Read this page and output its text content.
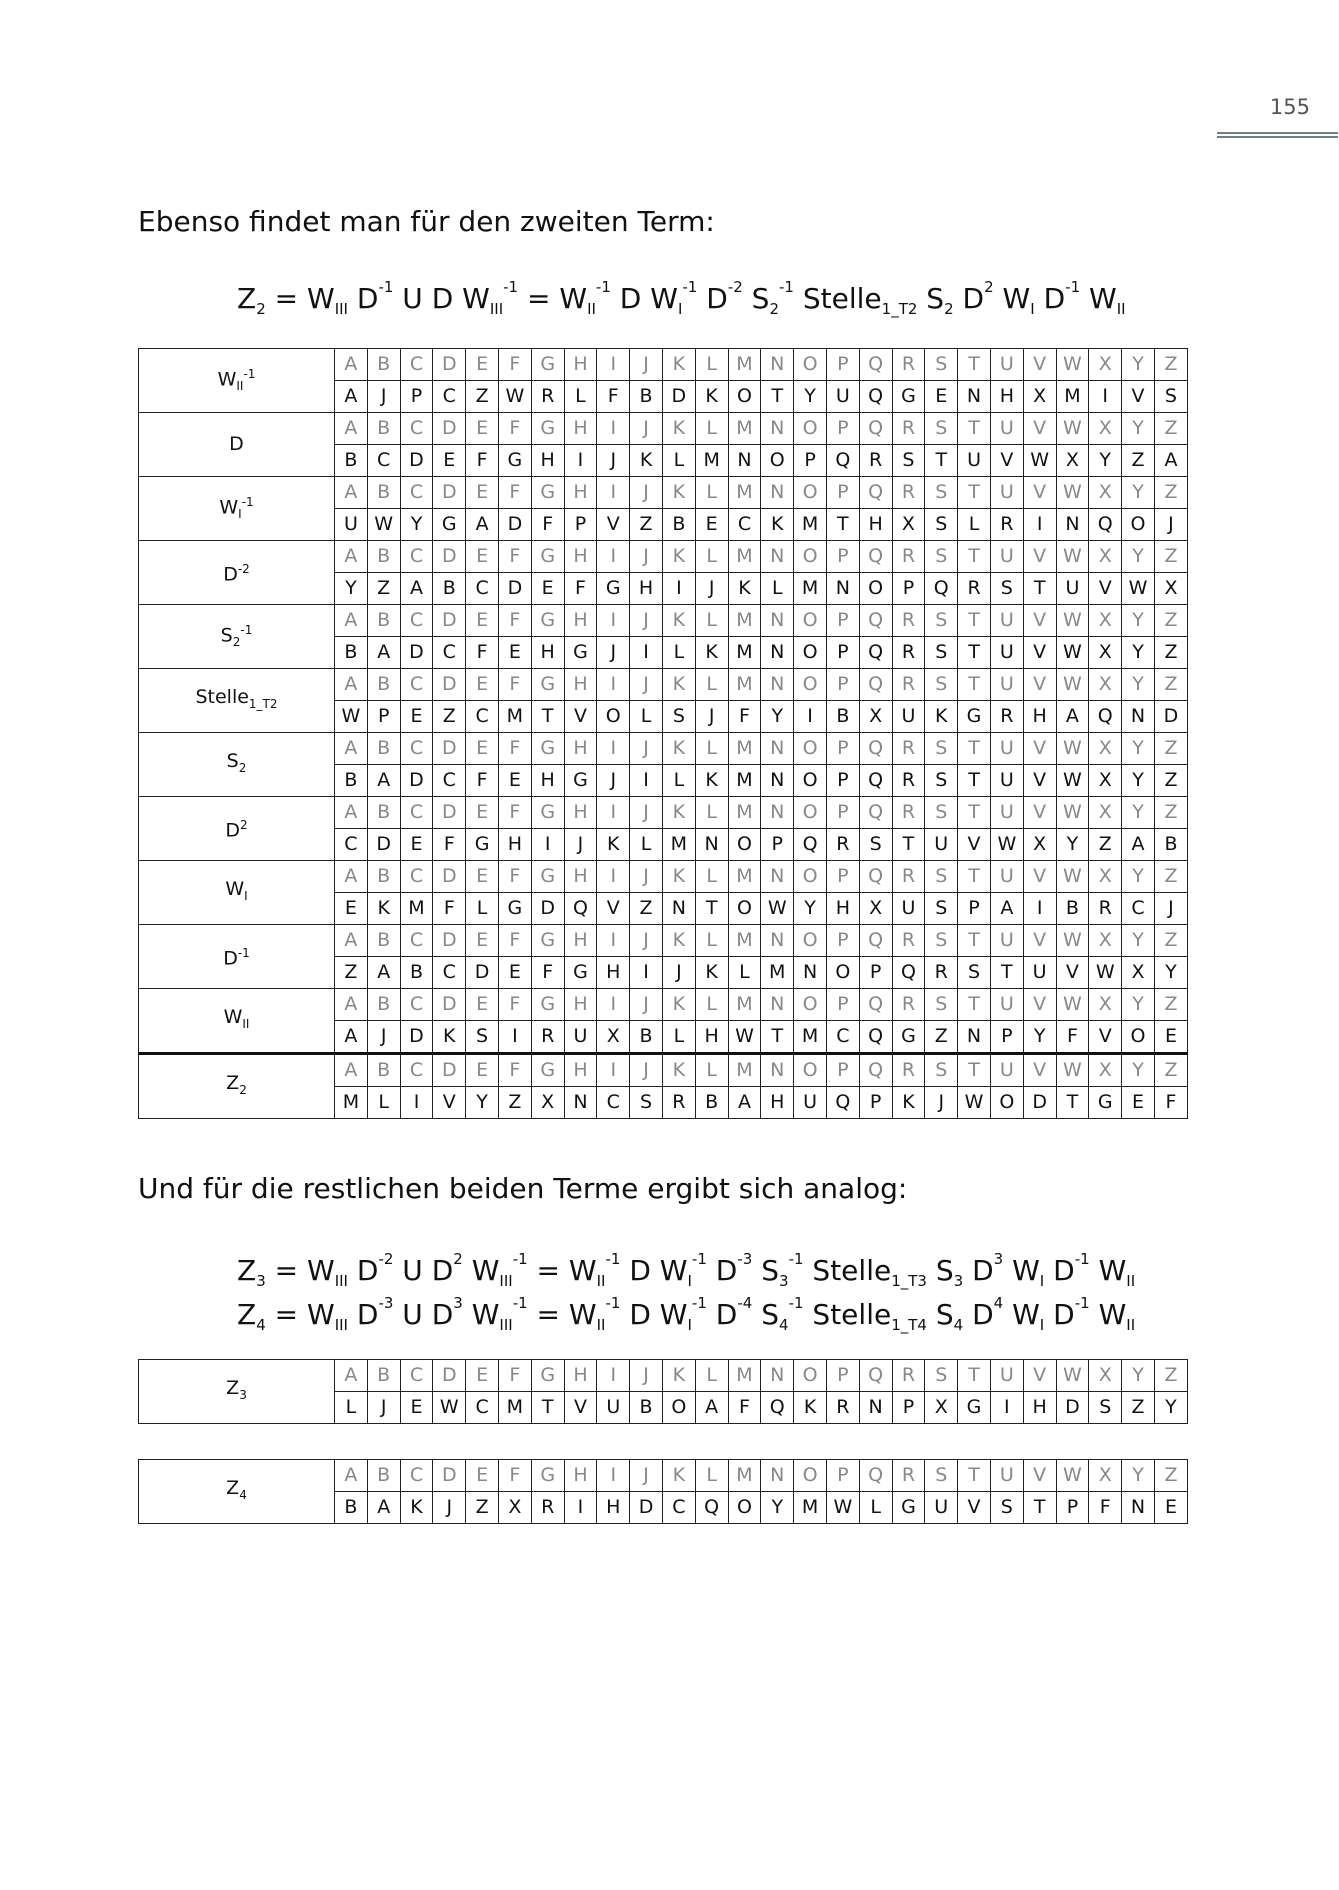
155

Ebenso findet man für den zweiten Term:

$Z_2 = W_{III}$ $D^{-1}$ U D $W_{III}^{-1} = W_{II}^{-1}$ D $W_I^{-1}$ $D^{-2}$ $S_2^{-1}$ Stelle$_{1\_T2}$ $S_2$ $D^2$ $W_I$ $D^{-1}$ $W_{II}$
$W_{II}^{-1}$	A	B	C	D	E	F	G	H	I	J	K	L	M	N	O	P	Q	R	S	T	U	V	W	X	Y	Z
	A	J	P	C	Z	W	R	L	F	B	D	K	O	T	Y	U	Q	G	E	N	H	X	M	I	V	S
D	A	B	C	D	E	F	G	H	I	J	K	L	M	N	O	P	Q	R	S	T	U	V	W	X	Y	Z
	B	C	D	E	F	G	H	I	J	K	L	M	N	O	P	Q	R	S	T	U	V	W	X	Y	Z	A
$W_I^{-1}$	A	B	C	D	E	F	G	H	I	J	K	L	M	N	O	P	Q	R	S	T	U	V	W	X	Y	Z
	U	W	Y	G	A	D	F	P	V	Z	B	E	C	K	M	T	H	X	S	L	R	I	N	Q	O	J
$D^{-2}$	A	B	C	D	E	F	G	H	I	J	K	L	M	N	O	P	Q	R	S	T	U	V	W	X	Y	Z
	Y	Z	A	B	C	D	E	F	G	H	I	J	K	L	M	N	O	P	Q	R	S	T	U	V	W	X
$S_2^{-1}$	A	B	C	D	E	F	G	H	I	J	K	L	M	N	O	P	Q	R	S	T	U	V	W	X	Y	Z
	B	A	D	C	F	E	H	G	J	I	L	K	M	N	O	P	Q	R	S	T	U	V	W	X	Y	Z
Stelle$_{1\_T2}$	A	B	C	D	E	F	G	H	I	J	K	L	M	N	O	P	Q	R	S	T	U	V	W	X	Y	Z
	W	P	E	Z	C	M	T	V	O	L	S	J	F	Y	I	B	X	U	K	G	R	H	A	Q	N	D
$S_2$	A	B	C	D	E	F	G	H	I	J	K	L	M	N	O	P	Q	R	S	T	U	V	W	X	Y	Z
	B	A	D	C	F	E	H	G	J	I	L	K	M	N	O	P	Q	R	S	T	U	V	W	X	Y	Z
$D^2$	A	B	C	D	E	F	G	H	I	J	K	L	M	N	O	P	Q	R	S	T	U	V	W	X	Y	Z
	C	D	E	F	G	H	I	J	K	L	M	N	O	P	Q	R	S	T	U	V	W	X	Y	Z	A	B
$W_I$	A	B	C	D	E	F	G	H	I	J	K	L	M	N	O	P	Q	R	S	T	U	V	W	X	Y	Z
	E	K	M	F	L	G	D	Q	V	Z	N	T	O	W	Y	H	X	U	S	P	A	I	B	R	C	J
$D^{-1}$	A	B	C	D	E	F	G	H	I	J	K	L	M	N	O	P	Q	R	S	T	U	V	W	X	Y	Z
	Z	A	B	C	D	E	F	G	H	I	J	K	L	M	N	O	P	Q	R	S	T	U	V	W	X	Y
$W_{II}$	A	B	C	D	E	F	G	H	I	J	K	L	M	N	O	P	Q	R	S	T	U	V	W	X	Y	Z
	A	J	D	K	S	I	R	U	X	B	L	H	W	T	M	C	Q	G	Z	N	P	Y	F	V	O	E
$Z_2$	A	B	C	D	E	F	G	H	I	J	K	L	M	N	O	P	Q	R	S	T	U	V	W	X	Y	Z
	M	L	I	V	Y	Z	X	N	C	S	R	B	A	H	U	Q	P	K	J	W	O	D	T	G	E	F

Und für die restlichen beiden Terme ergibt sich analog:

$Z_3 = W_{III}$ $D^{-2}$ U $D^2$ $W_{III}^{-1} = W_{II}^{-1}$ D $W_I^{-1}$ $D^{-3}$ $S_3^{-1}$ Stelle$_{1\_T3}$ $S_3$ $D^3$ $W_I$ $D^{-1}$ $W_{II}$
$Z_4 = W_{III}$ $D^{-3}$ U $D^3$ $W_{III}^{-1} = W_{II}^{-1}$ D $W_I^{-1}$ $D^{-4}$ $S_4^{-1}$ Stelle$_{1\_T4}$ $S_4$ $D^4$ $W_I$ $D^{-1}$ $W_{II}$
$Z_3$	A	B	C	D	E	F	G	H	I	J	K	L	M	N	O	P	Q	R	S	T	U	V	W	X	Y	Z
	L	J	E	W	C	M	T	V	U	B	O	A	F	Q	K	R	N	P	X	G	I	H	D	S	Z	Y
$Z_4$	A	B	C	D	E	F	G	H	I	J	K	L	M	N	O	P	Q	R	S	T	U	V	W	X	Y	Z
	B	A	K	J	Z	X	R	I	H	D	C	Q	O	Y	M	W	L	G	U	V	S	T	P	F	N	E
